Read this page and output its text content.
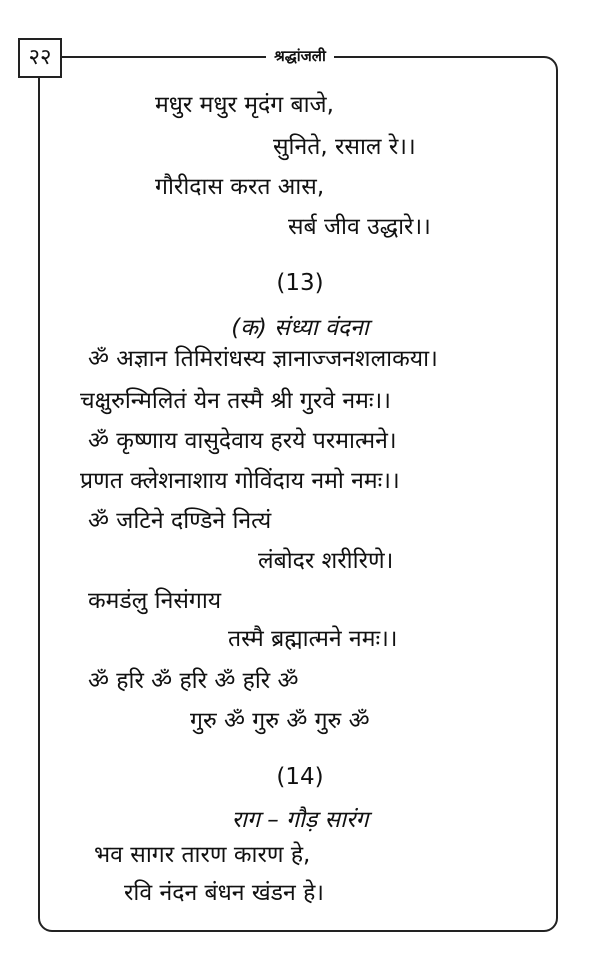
२२	श्रद्धांजली
मधुर मधुर मृदंग बाजे,
सुनिते, रसाल रे।।
गौरीदास करत आस,
सर्ब जीव उद्धारे।।
(13)
(क) संध्या वंदना
ॐ अज्ञान तिमिरांधस्य ज्ञानाज्जनशलाकया।
चक्षुरुन्मिलितं येन तस्मै श्री गुरवे नमः।।
ॐ कृष्णाय वासुदेवाय हरये परमात्मने।
प्रणत क्लेशनाशाय गोविंदाय नमो नमः।।
ॐ जटिने दण्डिने नित्यं
लंबोदर शरीरिणे।
कमडंलु निसंगाय
तस्मै ब्रह्मात्मने नमः।।
ॐ हरि ॐ हरि ॐ हरि ॐ
गुरु ॐ गुरु ॐ गुरु ॐ
(14)
राग – गौड़ सारंग
भव सागर तारण कारण हे,
रवि नंदन बंधन खंडन हे।
